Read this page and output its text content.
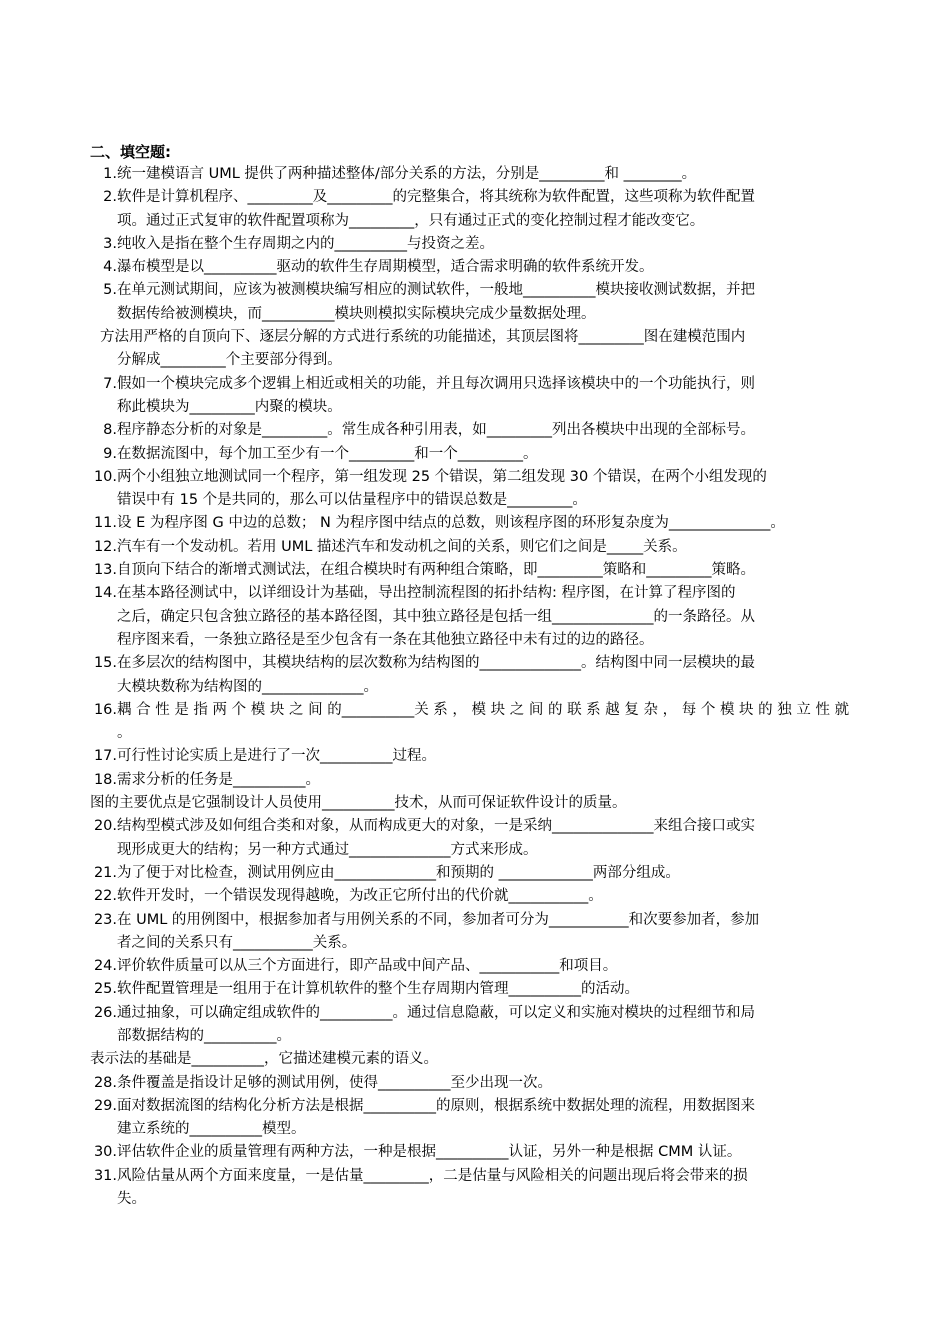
二、填空题:
1. 统一建模语言 UML 提供了两种描述整体/部分关系的方法，分别是_________和 ________。
2. 软件是计算机程序、_________及_________的完整集合，将其统称为软件配置，这些项称为软件配置
项。通过正式复审的软件配置项称为_________，只有通过正式的变化控制过程才能改变它。
3. 纯收入是指在整个生存周期之内的__________与投资之差。
4. 瀑布模型是以__________驱动的软件生存周期模型，适合需求明确的软件系统开发。
5. 在单元测试期间，应该为被测模块编写相应的测试软件，一般地__________模块接收测试数据，并把
数据传给被测模块，而__________模块则模拟实际模块完成少量数据处理。
方法用严格的自顶向下、逐层分解的方式进行系统的功能描述，其顶层图将_________图在建模范围内
分解成_________个主要部分得到。
7. 假如一个模块完成多个逻辑上相近或相关的功能，并且每次调用只选择该模块中的一个功能执行，则
称此模块为_________内聚的模块。
8. 程序静态分析的对象是_________。常生成各种引用表，如_________列出各模块中出现的全部标号。
9. 在数据流图中，每个加工至少有一个_________和一个_________。
10. 两个小组独立地测试同一个程序，第一组发现 25 个错误，第二组发现 30 个错误，在两个小组发现的
错误中有 15 个是共同的，那么可以估量程序中的错误总数是_________。
11. 设 E 为程序图 G 中边的总数； N 为程序图中结点的总数，则该程序图的环形复杂度为______________。
12. 汽车有一个发动机。若用 UML 描述汽车和发动机之间的关系，则它们之间是_____关系。
13. 自顶向下结合的渐增式测试法，在组合模块时有两种组合策略，即_________策略和_________策略。
14. 在基本路径测试中，以详细设计为基础，导出控制流程图的拓扑结构: 程序图，在计算了程序图的
之后，确定只包含独立路径的基本路径图，其中独立路径是包括一组______________的一条路径。从
程序图来看，一条独立路径是至少包含有一条在其他独立路径中未有过的边的路径。
15. 在多层次的结构图中，其模块结构的层次数称为结构图的______________。结构图中同一层模块的最
大模块数称为结构图的______________。
16. 耦 合 性 是 指 两 个 模 块 之 间 的__________关 系 ， 模 块 之 间 的 联 系 越 复 杂 ， 每 个 模 块 的 独 立 性 就
。
17. 可行性讨论实质上是进行了一次__________过程。
18. 需求分析的任务是__________。
图的主要优点是它强制设计人员使用__________技术，从而可保证软件设计的质量。
20. 结构型模式涉及如何组合类和对象，从而构成更大的对象，一是采纳______________来组合接口或实
现形成更大的结构；另一种方式通过______________方式来形成。
21. 为了便于对比检查，测试用例应由______________和预期的 _____________两部分组成。
22. 软件开发时，一个错误发现得越晚，为改正它所付出的代价就___________。
23. 在 UML 的用例图中，根据参加者与用例关系的不同，参加者可分为___________和次要参加者，参加
者之间的关系只有___________关系。
24. 评价软件质量可以从三个方面进行，即产品或中间产品、___________和项目。
25. 软件配置管理是一组用于在计算机软件的整个生存周期内管理__________的活动。
26. 通过抽象，可以确定组成软件的__________。通过信息隐蔽，可以定义和实施对模块的过程细节和局
部数据结构的__________。
表示法的基础是__________，它描述建模元素的语义。
28. 条件覆盖是指设计足够的测试用例，使得__________至少出现一次。
29. 面对数据流图的结构化分析方法是根据__________的原则，根据系统中数据处理的流程，用数据图来
建立系统的__________模型。
30. 评估软件企业的质量管理有两种方法，一种是根据__________认证，另外一种是根据 CMM 认证。
31. 风险估量从两个方面来度量，一是估量_________，二是估量与风险相关的问题出现后将会带来的损
失。
